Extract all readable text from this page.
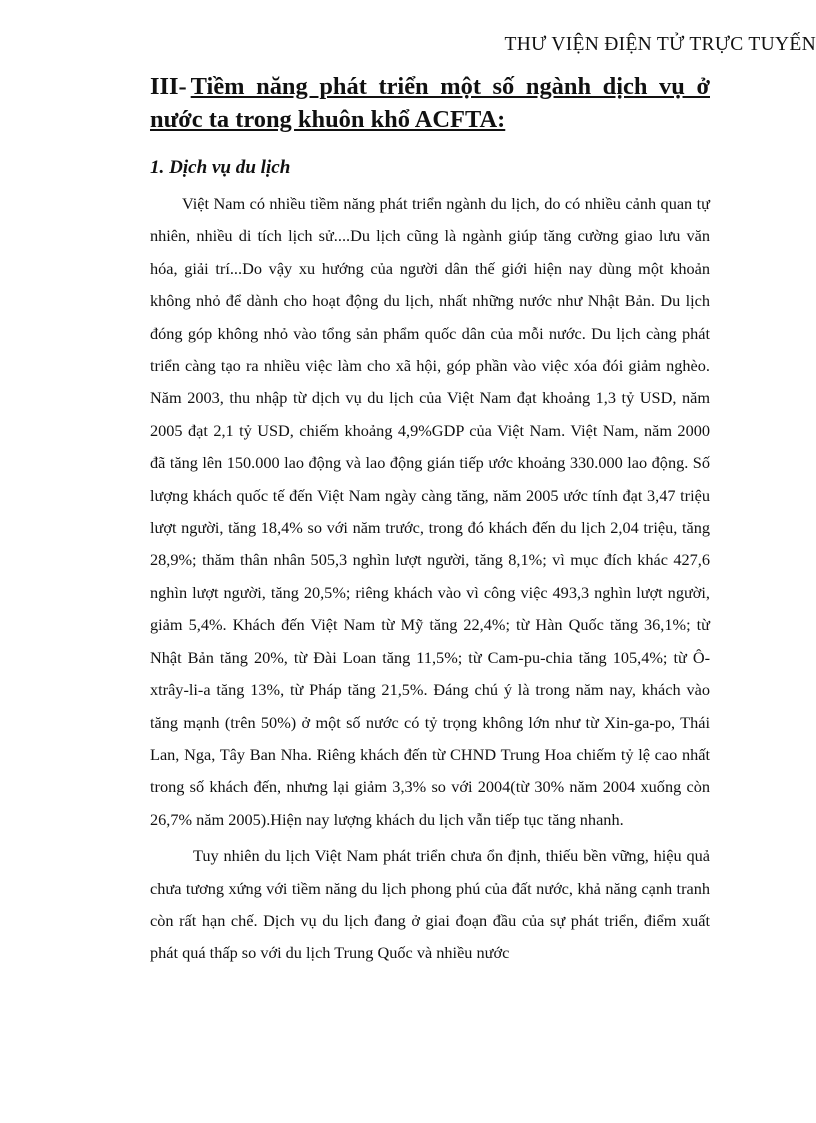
THƯ VIỆN ĐIỆN TỬ TRỰC TUYẾN
III- Tiềm năng phát triển một số ngành dịch vụ ở nước ta trong khuôn khổ ACFTA:
1. Dịch vụ du lịch

Việt Nam có nhiều tiềm năng phát triển ngành du lịch, do có nhiều cảnh quan tự nhiên, nhiều di tích lịch sử....Du lịch cũng là ngành giúp tăng cường giao lưu văn hóa, giải trí...Do vậy xu hướng của người dân thế giới hiện nay dùng một khoản không nhỏ để dành cho hoạt động du lịch, nhất những nước như Nhật Bản. Du lịch đóng góp không nhỏ vào tổng sản phẩm quốc dân của mỗi nước. Du lịch càng phát triển càng tạo ra nhiều việc làm cho xã hội, góp phần vào việc xóa đói giảm nghèo. Năm 2003, thu nhập từ dịch vụ du lịch của Việt Nam đạt khoảng 1,3 tỷ USD, năm 2005 đạt 2,1 tỷ USD, chiếm khoảng 4,9%GDP của Việt Nam. Việt Nam, năm 2000 đã tăng lên 150.000 lao động và lao động gián tiếp ước khoảng 330.000 lao động. Số lượng khách quốc tế đến Việt Nam ngày càng tăng, năm 2005 ước tính đạt 3,47 triệu lượt người, tăng 18,4% so với năm trước, trong đó khách đến du lịch 2,04 triệu, tăng 28,9%; thăm thân nhân 505,3 nghìn lượt người, tăng 8,1%; vì mục đích khác 427,6 nghìn lượt người, tăng 20,5%; riêng khách vào vì công việc 493,3 nghìn lượt người, giảm 5,4%. Khách đến Việt Nam từ Mỹ tăng 22,4%; từ Hàn Quốc tăng 36,1%; từ Nhật Bản tăng 20%, từ Đài Loan tăng 11,5%; từ Cam-pu-chia tăng 105,4%; từ Ô-xtrây-li-a tăng 13%, từ Pháp tăng 21,5%. Đáng chú ý là trong năm nay, khách vào tăng mạnh (trên 50%) ở một số nước có tỷ trọng không lớn như từ Xin-ga-po, Thái Lan, Nga, Tây Ban Nha. Riêng khách đến từ CHND Trung Hoa chiếm tỷ lệ cao nhất trong số khách đến, nhưng lại giảm 3,3% so với 2004(từ 30% năm 2004 xuống còn 26,7% năm 2005).Hiện nay lượng khách du lịch vẫn tiếp tục tăng nhanh.

Tuy nhiên du lịch Việt Nam phát triển chưa ổn định, thiếu bền vững, hiệu quả chưa tương xứng với tiềm năng du lịch phong phú của đất nước, khả năng cạnh tranh còn rất hạn chế. Dịch vụ du lịch đang ở giai đoạn đầu của sự phát triển, điểm xuất phát quá thấp so với du lịch Trung Quốc và nhiều nước
